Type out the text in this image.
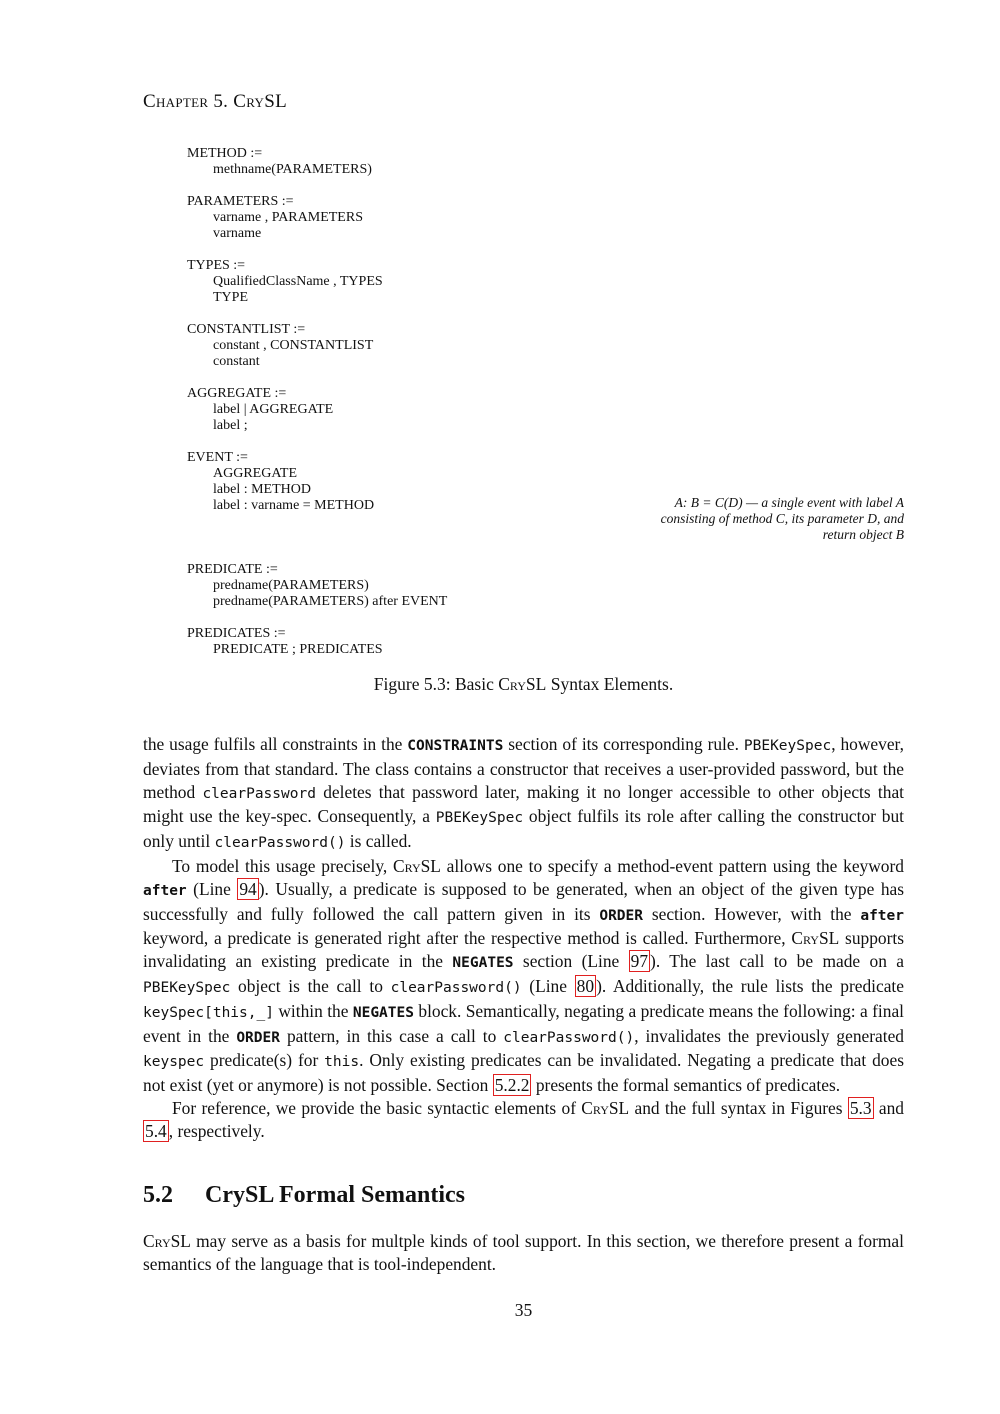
Chapter 5. CrySL
METHOD :=
methname(PARAMETERS)
PARAMETERS :=
varname , PARAMETERS
varname
TYPES :=
QualifiedClassName , TYPES
TYPE
CONSTANTLIST :=
constant , CONSTANTLIST
constant
AGGREGATE :=
label | AGGREGATE
label ;
EVENT :=
AGGREGATE
label : METHOD
label : varname = METHOD
PREDICATE :=
predname(PARAMETERS)
predname(PARAMETERS) after EVENT
PREDICATES :=
PREDICATE ; PREDICATES
A: B = C(D) — a single event with label A consisting of method C, its parameter D, and return object B
Figure 5.3: Basic CrySL Syntax Elements.

the usage fulfils all constraints in the CONSTRAINTS section of its corresponding rule. PBEKeySpec, however, deviates from that standard. The class contains a constructor that receives a user-provided password, but the method clearPassword deletes that password later, making it no longer accessible to other objects that might use the key-spec. Consequently, a PBEKeySpec object fulfils its role after calling the constructor but only until clearPassword() is called.

To model this usage precisely, CrySL allows one to specify a method-event pattern using the keyword after (Line 94 ). Usually, a predicate is supposed to be generated, when an object of the given type has successfully and fully followed the call pattern given in its ORDER section. However, with the after keyword, a predicate is generated right after the respective method is called. Furthermore, CrySL supports invalidating an existing predicate in the NEGATES section (Line 97 ). The last call to be made on a PBEKeySpec object is the call to clearPassword() (Line 80 ). Additionally, the rule lists the predicate keySpec[this,_] within the NEGATES block. Semantically, negating a predicate means the following: a final event in the ORDER pattern, in this case a call to clearPassword(), invalidates the previously generated keyspec predicate(s) for this. Only existing predicates can be invalidated. Negating a predicate that does not exist (yet or anymore) is not possible. Section 5.2.2 presents the formal semantics of predicates.

For reference, we provide the basic syntactic elements of CrySL and the full syntax in Figures 5.3 and 5.4 , respectively.

5.2 CrySL Formal Semantics
CrySL may serve as a basis for multple kinds of tool support. In this section, we therefore present a formal semantics of the language that is tool-independent.
35
